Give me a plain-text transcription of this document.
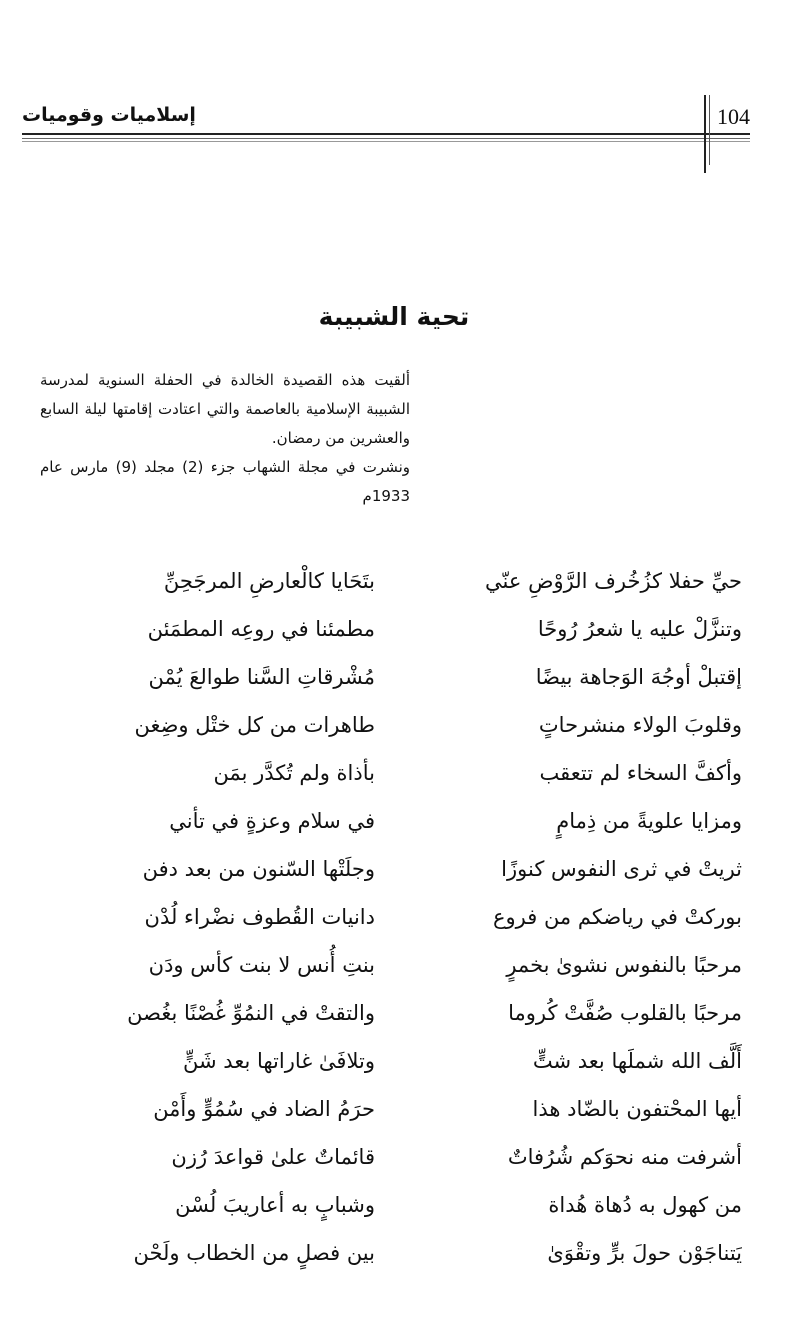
104
إسلاميات وقوميات
تحية الشبيبة

ألقيت هذه القصيدة الخالدة في الحفلة السنوية لمدرسة الشبيبة الإسلامية بالعاصمة والتي اعتادت إقامتها ليلة السابع والعشرين من رمضان.

ونشرت في مجلة الشهاب جزء (2) مجلد (9) مارس عام 1933م

حيِّ حفلا كزُخُرف الرَّوْضِ عنّي
بتَحَايا كالْعارضِ المرجَحِنِّ
وتنزَّلْ عليه يا شعرُ رُوحًا
مطمئنا في روعِه المطمَئن
إقتبلْ أوجُهَ الوَجاهة بيضًا
مُشْرقاتِ السَّنا طوالعَ يُمْن
وقلوبَ الولاء منشرحاتٍ
طاهرات من كل ختْل وضِغن
وأكفَّ السخاء لم تتعقب
بأذاة ولم تُكدَّر بمَن
ومزايا علويةً من ذِمامٍ
في سلام وعزةٍ في تأني
ثريتْ في ثرى النفوس كنوزًا
وجلَتْها السّنون من بعد دفن
بوركتْ في رياضكم من فروع
دانيات القُطوف نضْراء لُدْن
مرحبًا بالنفوس نشوىٰ بخمرٍ
بنتِ أُنس لا بنت كأس ودَن
مرحبًا بالقلوب صُفَّتْ كُروما
والتقتْ في النمُوِّ غُصْنًا بغُصن
أَلَّف الله شملَها بعد شتٍّ
وتلافَىٰ غاراتها بعد شَنٍّ
أيها المحْتفون بالضّاد هذا
حرَمُ الضاد في سُمُوٍّ وأَمْن
أشرفت منه نحوَكم شُرُفاتٌ
قائماتٌ علىٰ قواعدَ رُزن
من كهول به دُهاة هُداة
وشبابٍ به أعاريبَ لُسْن
يَتناجَوْن حولَ برٍّ وتقْوَىٰ
بين فصلٍ من الخطاب ولَحْن
